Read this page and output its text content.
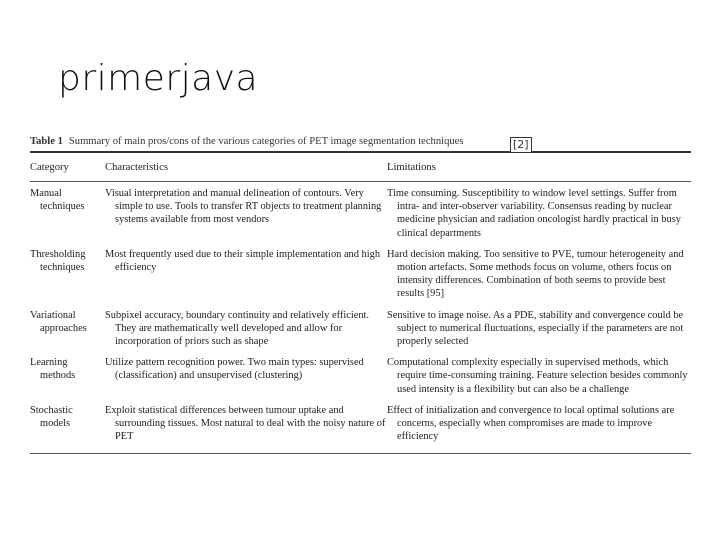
primerjava
Table 1 Summary of main pros/cons of the various categories of PET image segmentation techniques	[2]
Category	Characteristics	Limitations

Manual techniques	Visual interpretation and manual delineation of contours. Very simple to use. Tools to transfer RT objects to treatment planning systems available from most vendors	Time consuming. Susceptibility to window level settings. Suffer from intra- and inter-observer variability. Consensus reading by nuclear medicine physician and radiation oncologist hardly practical in busy clinical departments

Thresholding techniques	Most frequently used due to their simple implementation and high efficiency	Hard decision making. Too sensitive to PVE, tumour heterogeneity and motion artefacts. Some methods focus on volume, others focus on intensity differences. Combination of both seems to provide best results [95]

Variational approaches	Subpixel accuracy, boundary continuity and relatively efficient. They are mathematically well developed and allow for incorporation of priors such as shape	Sensitive to image noise. As a PDE, stability and convergence could be subject to numerical fluctuations, especially if the parameters are not properly selected

Learning methods	Utilize pattern recognition power. Two main types: supervised (classification) and unsupervised (clustering)	Computational complexity especially in supervised methods, which require time-consuming training. Feature selection besides commonly used intensity is a flexibility but can also be a challenge

Stochastic models	Exploit statistical differences between tumour uptake and surrounding tissues. Most natural to deal with the noisy nature of PET	Effect of initialization and convergence to local optimal solutions are concerns, especially when compromises are made to improve efficiency
